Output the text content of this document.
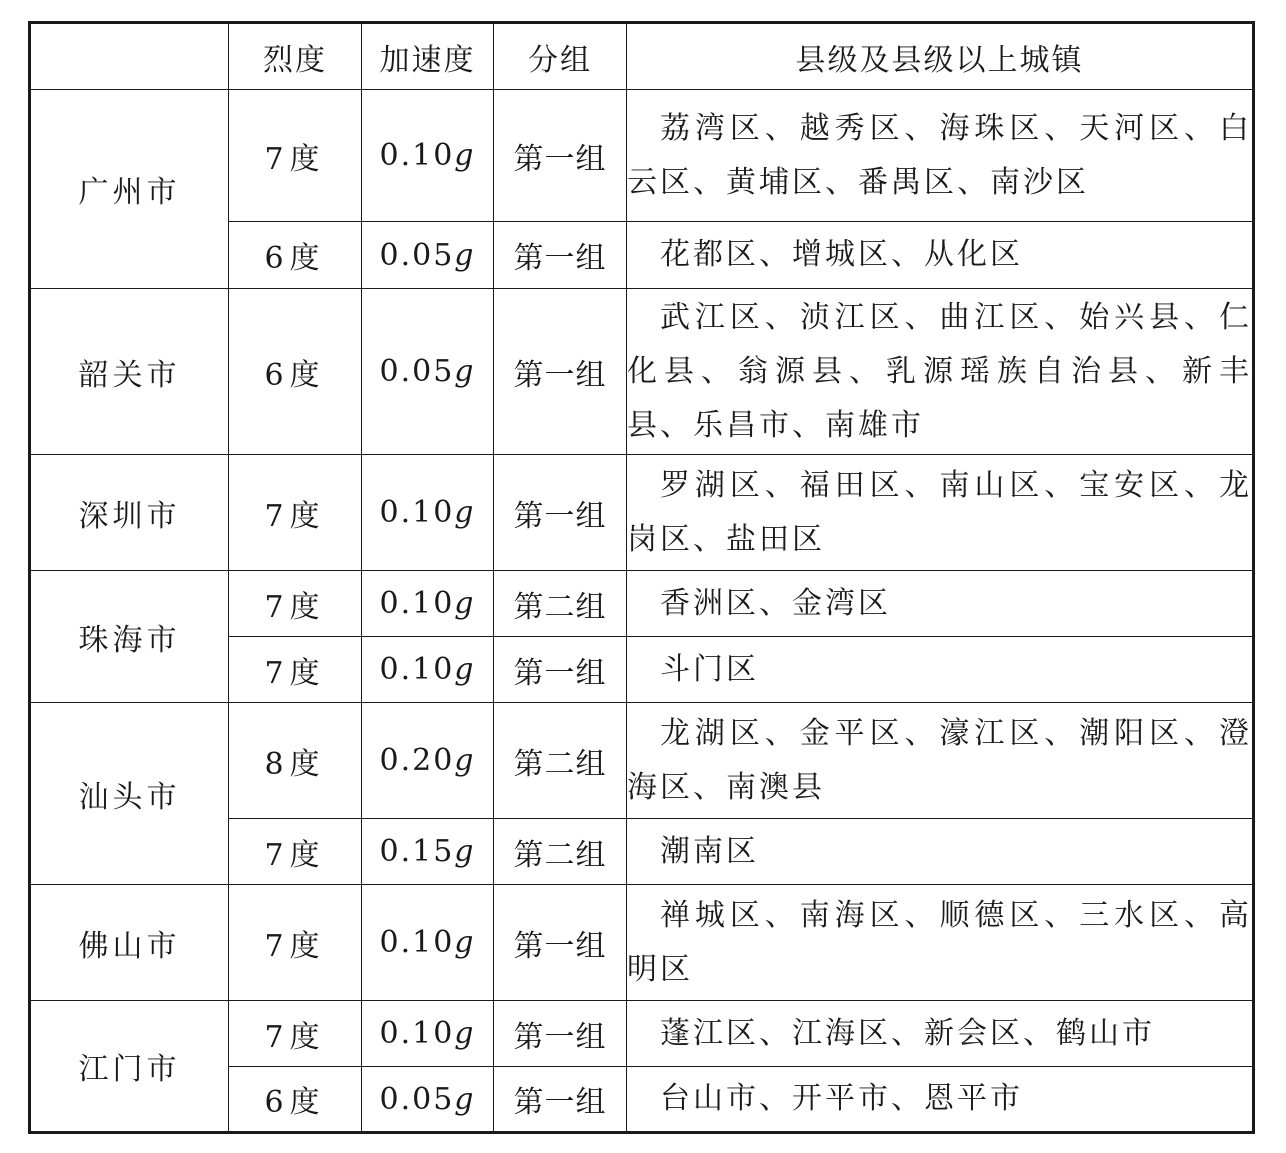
	烈度	加速度	分组	县级及县级以上城镇
广州市	7度	0.10g	第一组	荔湾区、越秀区、海珠区、天河区、白云区、黄埔区、番禺区、南沙区
	6度	0.05g	第一组	花都区、增城区、从化区
韶关市	6度	0.05g	第一组	武江区、浈江区、曲江区、始兴县、仁化县、翁源县、乳源瑶族自治县、新丰县、乐昌市、南雄市
深圳市	7度	0.10g	第一组	罗湖区、福田区、南山区、宝安区、龙岗区、盐田区
珠海市	7度	0.10g	第二组	香洲区、金湾区
	7度	0.10g	第一组	斗门区
汕头市	8度	0.20g	第二组	龙湖区、金平区、濠江区、潮阳区、澄海区、南澳县
	7度	0.15g	第二组	潮南区
佛山市	7度	0.10g	第一组	禅城区、南海区、顺德区、三水区、高明区
江门市	7度	0.10g	第一组	蓬江区、江海区、新会区、鹤山市
	6度	0.05g	第一组	台山市、开平市、恩平市
